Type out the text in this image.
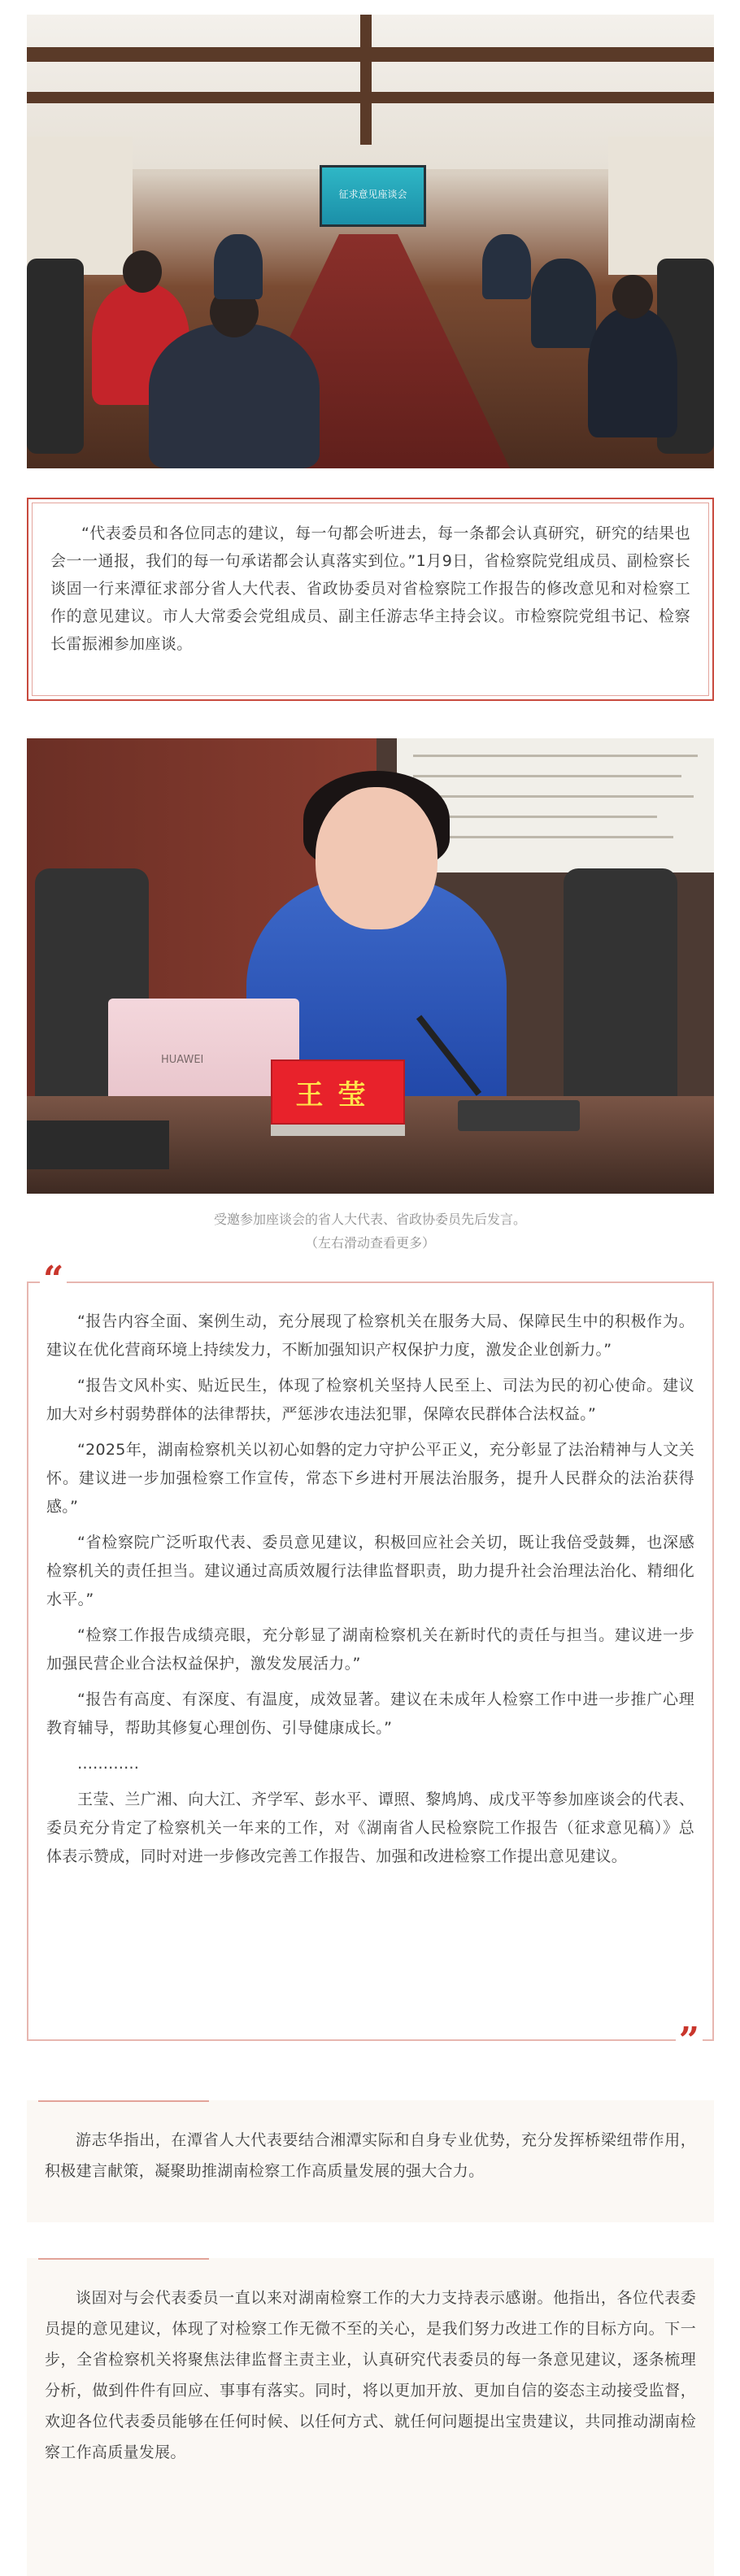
征求意见座谈会

“代表委员和各位同志的建议，每一句都会听进去，每一条都会认真研究，研究的结果也会一一通报，我们的每一句承诺都会认真落实到位。”1月9日，省检察院党组成员、副检察长谈固一行来潭征求部分省人大代表、省政协委员对省检察院工作报告的修改意见和对检察工作的意见建议。市人大常委会党组成员、副主任游志华主持会议。市检察院党组书记、检察长雷振湘参加座谈。

HUAWEI
王莹
受邀参加座谈会的省人大代表、省政协委员先后发言。
（左右滑动查看更多）
“
”

“报告内容全面、案例生动，充分展现了检察机关在服务大局、保障民生中的积极作为。建议在优化营商环境上持续发力，不断加强知识产权保护力度，激发企业创新力。”

“报告文风朴实、贴近民生，体现了检察机关坚持人民至上、司法为民的初心使命。建议加大对乡村弱势群体的法律帮扶，严惩涉农违法犯罪，保障农民群体合法权益。”

“2025年，湖南检察机关以初心如磐的定力守护公平正义，充分彰显了法治精神与人文关怀。建议进一步加强检察工作宣传，常态下乡进村开展法治服务，提升人民群众的法治获得感。”

“省检察院广泛听取代表、委员意见建议，积极回应社会关切，既让我倍受鼓舞，也深感检察机关的责任担当。建议通过高质效履行法律监督职责，助力提升社会治理法治化、精细化水平。”

“检察工作报告成绩亮眼，充分彰显了湖南检察机关在新时代的责任与担当。建议进一步加强民营企业合法权益保护，激发发展活力。”

“报告有高度、有深度、有温度，成效显著。建议在未成年人检察工作中进一步推广心理教育辅导，帮助其修复心理创伤、引导健康成长。”

…………

王莹、兰广湘、向大江、齐学军、彭水平、谭照、黎鸠鸠、成戊平等参加座谈会的代表、委员充分肯定了检察机关一年来的工作，对《湖南省人民检察院工作报告（征求意见稿）》总体表示赞成，同时对进一步修改完善工作报告、加强和改进检察工作提出意见建议。

游志华指出，在潭省人大代表要结合湘潭实际和自身专业优势，充分发挥桥梁纽带作用，积极建言献策，凝聚助推湖南检察工作高质量发展的强大合力。

谈固对与会代表委员一直以来对湖南检察工作的大力支持表示感谢。他指出，各位代表委员提的意见建议，体现了对检察工作无微不至的关心，是我们努力改进工作的目标方向。下一步，全省检察机关将聚焦法律监督主责主业，认真研究代表委员的每一条意见建议，逐条梳理分析，做到件件有回应、事事有落实。同时，将以更加开放、更加自信的姿态主动接受监督，欢迎各位代表委员能够在任何时候、以任何方式、就任何问题提出宝贵建议，共同推动湖南检察工作高质量发展。
